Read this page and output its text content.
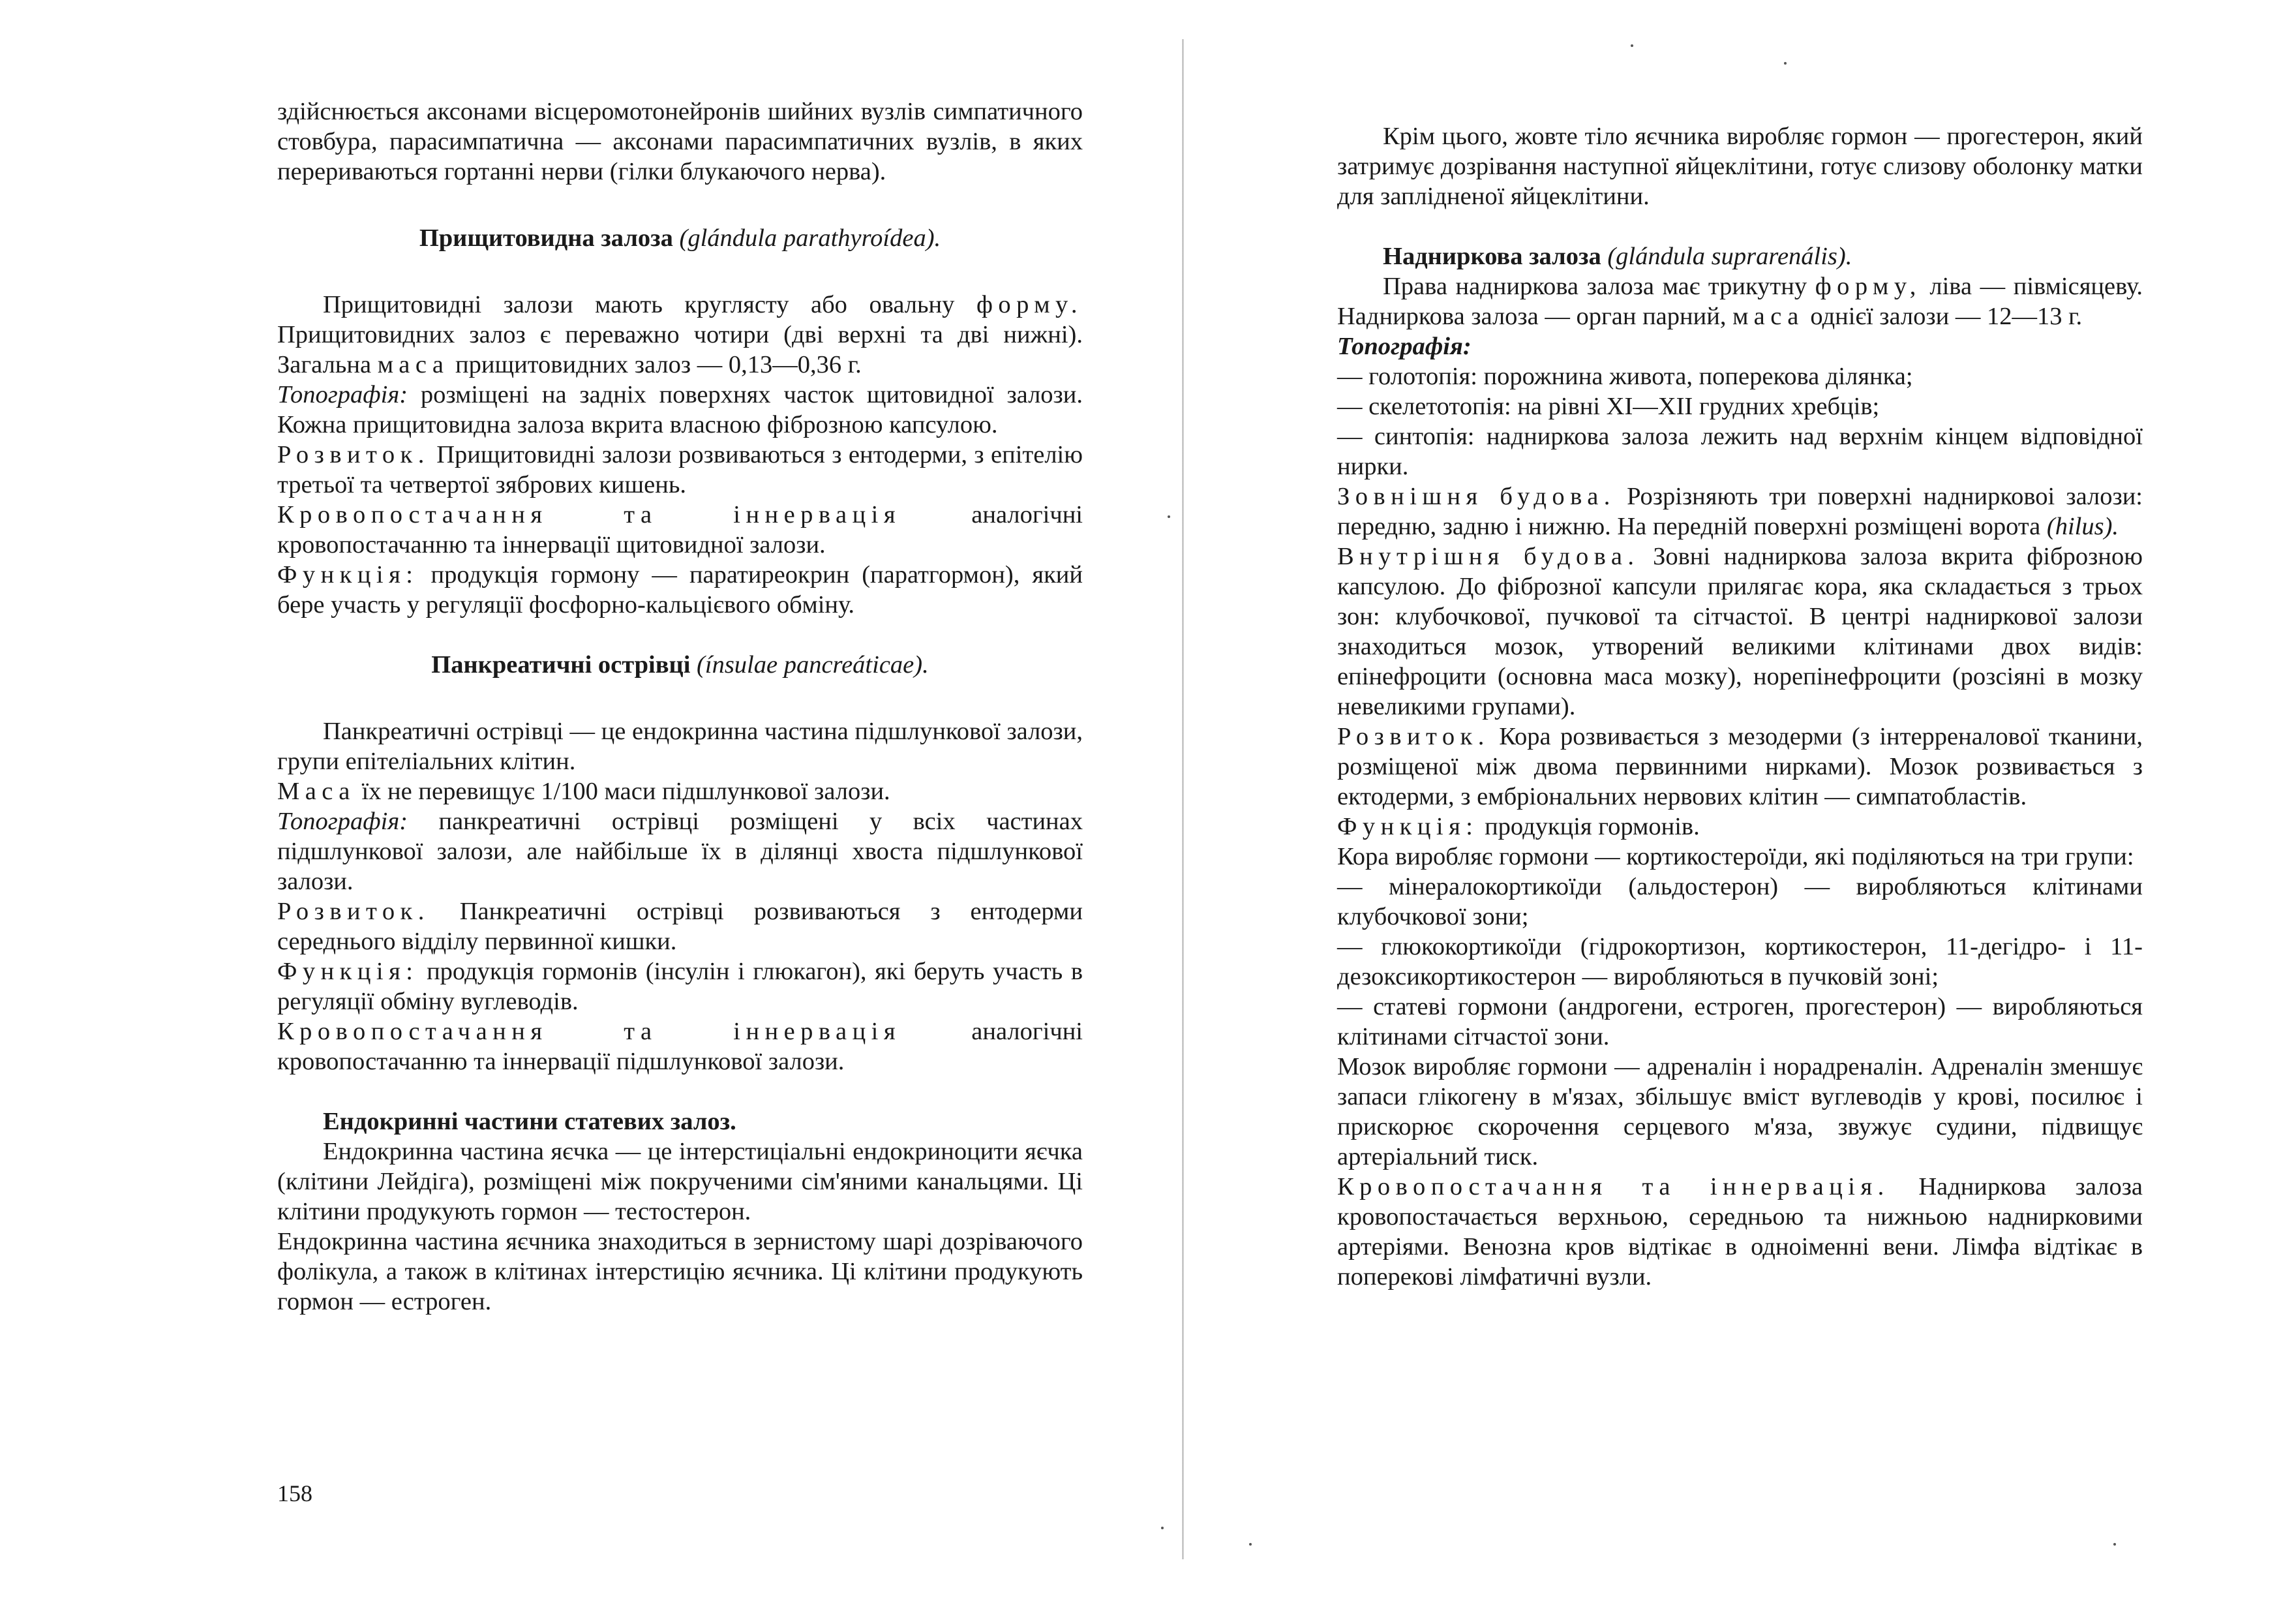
здійснюється аксонами вісцеромотонейронів шийних вузлів симпатичного стовбура, парасимпатична — аксонами парасимпатичних вузлів, в яких перериваються гортанні нерви (гілки блукаючого нерва).

Прищитовидна залоза (glándula parathyroídea).

Прищитовидні залози мають круглясту або овальну форму. Прищитовидних залоз є переважно чотири (дві верхні та дві нижні). Загальна маса прищитовидних залоз — 0,13—0,36 г.

Топографія: розміщені на задніх поверхнях часток щитовидної залози. Кожна прищитовидна залоза вкрита власною фіброзною капсулою.

Розвиток. Прищитовидні залози розвиваються з ентодерми, з епітелію третьої та четвертої зябрових кишень.

Кровопостачання та іннервація	аналогічні кровопостачанню та іннервації щитовидної залози.

Функція: продукція гормону — паратиреокрин (паратгормон), який бере участь у регуляції фосфорно-кальцієвого обміну.

Панкреатичні острівці (ínsulae pancreáticae).

Панкреатичні острівці — це ендокринна частина підшлункової залози, групи епітеліальних клітин.

Маса їх не перевищує 1/100 маси підшлункової залози.

Топографія: панкреатичні острівці розміщені у всіх частинах підшлункової залози, але найбільше їх в ділянці хвоста підшлункової залози.

Розвиток. Панкреатичні острівці розвиваються з ентодерми середнього відділу первинної кишки.

Функція: продукція гормонів (інсулін і глюкагон), які беруть участь в регуляції обміну вуглеводів.

Кровопостачання та іннервація	аналогічні кровопостачанню та іннервації підшлункової залози.

Ендокринні частини статевих залоз.

Ендокринна частина яєчка — це інтерстиціальні ендокриноцити яєчка (клітини Лейдіга), розміщені між покрученими сім'яними канальцями. Ці клітини продукують гормон — тестостерон.

Ендокринна частина яєчника знаходиться в зернистому шарі дозріваючого фолікула, а також в клітинах інтерстицію яєчника. Ці клітини продукують гормон — естроген.

158

Крім цього, жовте тіло яєчника виробляє гормон — прогестерон, який затримує дозрівання наступної яйцеклітини, готує слизову оболонку матки для заплідненої яйцеклітини.

Надниркова залоза (glándula suprarenális).

Права надниркова залоза має трикутну форму, ліва — півмісяцеву. Надниркова залоза — орган парний, маса однієї залози — 12—13 г.

Топографія:

— голотопія: порожнина живота, поперекова ділянка;

— скелетотопія: на рівні XI—XII грудних хребців;

— синтопія: надниркова залоза лежить над верхнім кінцем відповідної нирки.

Зовнішня будова. Розрізняють три поверхні наднирковоі залози: передню, задню і нижню. На передній поверхні розміщені ворота (hilus).

Внутрішня будова. Зовні надниркова залоза вкрита фіброзною капсулою. До фіброзної капсули прилягає кора, яка складається з трьох зон: клубочкової, пучкової та сітчастої. В центрі надниркової залози знаходиться мозок, утворений великими клітинами двох видів: епінефроцити (основна маса мозку), норепінефроцити (розсіяні в мозку невеликими групами).

Розвиток. Кора розвивається з мезодерми (з інтерреналової тканини, розміщеної між двома первинними нирками). Мозок розвивається з ектодерми, з ембріональних нервових клітин — симпатобластів.

Функція: продукція гормонів.

Кора виробляє гормони — кортикостероїди, які поділяються на три групи:

— мінералокортикоїди (альдостерон) — виробляються клітинами клубочкової зони;

— глюкокортикоїди (гідрокортизон, кортикостерон, 11-дегідро- і 11-дезоксикортикостерон — виробляються в пучковій зоні;

— статеві гормони (андрогени, естроген, прогестерон) — виробляються клітинами сітчастої зони.

Мозок виробляє гормони — адреналін і норадреналін. Адреналін зменшує запаси глікогену в м'язах, збільшує вміст вуглеводів у крові, посилює і прискорює скорочення серцевого м'яза, звужує судини, підвищує артеріальний тиск.

Кровопостачання та іннервація. Надниркова залоза кровопостачається верхньою, середньою та нижньою наднирковими артеріями. Венозна кров відтікає в одноіменні вени. Лімфа відтікає в поперекові лімфатичні вузли.
